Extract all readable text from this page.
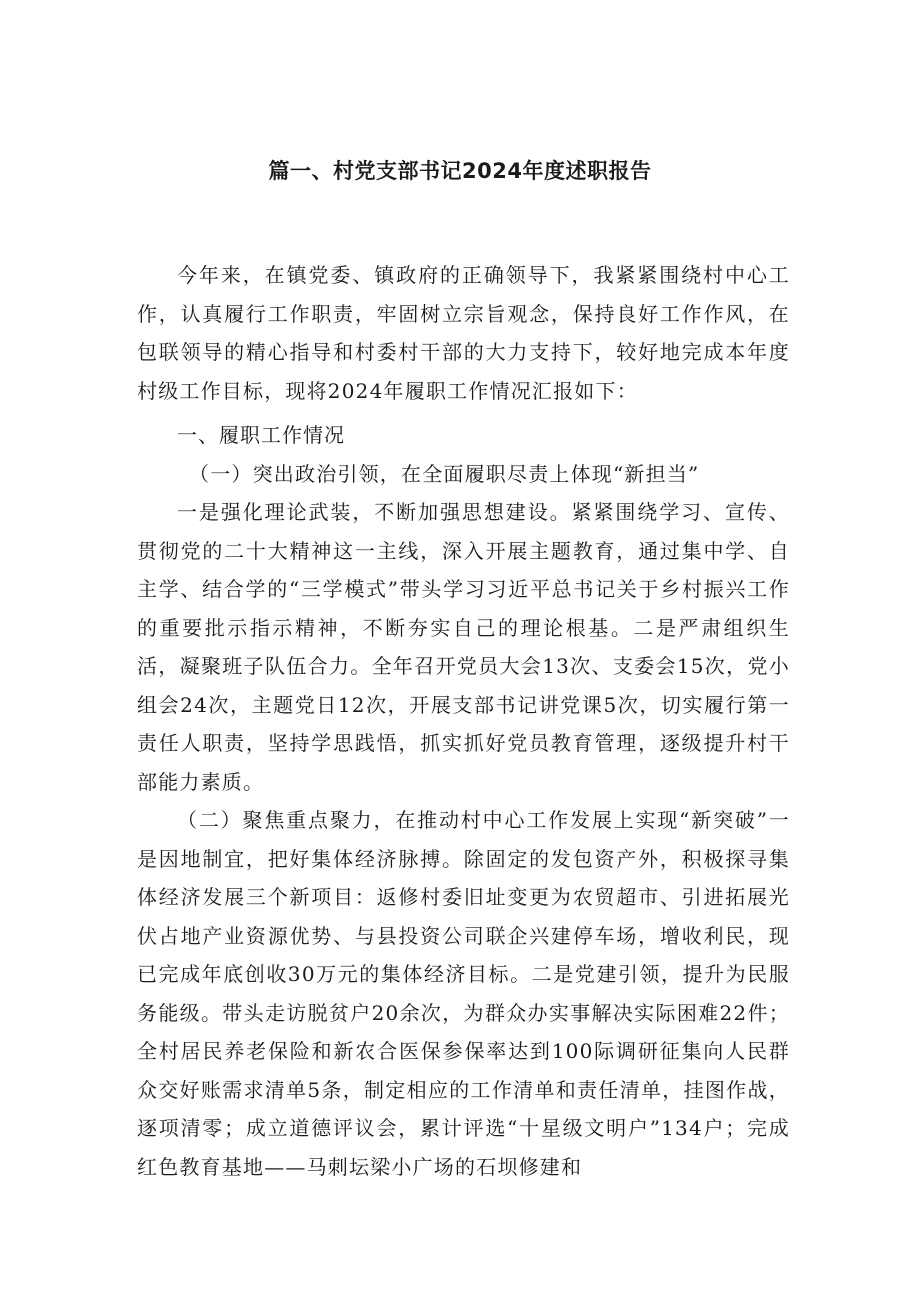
篇一、村党支部书记2024年度述职报告

今年来，在镇党委、镇政府的正确领导下，我紧紧围绕村中心工作，认真履行工作职责，牢固树立宗旨观念，保持良好工作作风，在包联领导的精心指导和村委村干部的大力支持下，较好地完成本年度村级工作目标，现将2024年履职工作情况汇报如下：

一、履职工作情况

（一）突出政治引领，在全面履职尽责上体现“新担当”

一是强化理论武装，不断加强思想建设。紧紧围绕学习、宣传、贯彻党的二十大精神这一主线，深入开展主题教育，通过集中学、自主学、结合学的“三学模式”带头学习习近平总书记关于乡村振兴工作的重要批示指示精神，不断夯实自己的理论根基。二是严肃组织生活，凝聚班子队伍合力。全年召开党员大会13次、支委会15次，党小组会24次，主题党日12次，开展支部书记讲党课5次，切实履行第一责任人职责，坚持学思践悟，抓实抓好党员教育管理，逐级提升村干部能力素质。

（二）聚焦重点聚力，在推动村中心工作发展上实现“新突破”一是因地制宜，把好集体经济脉搏。除固定的发包资产外，积极探寻集体经济发展三个新项目：返修村委旧址变更为农贸超市、引进拓展光伏占地产业资源优势、与县投资公司联企兴建停车场，增收利民，现已完成年底创收30万元的集体经济目标。二是党建引领，提升为民服务能级。带头走访脱贫户20余次，为群众办实事解决实际困难22件；全村居民养老保险和新农合医保参保率达到100际调研征集向人民群众交好账需求清单5条，制定相应的工作清单和责任清单，挂图作战，逐项清零；成立道德评议会，累计评选“十星级文明户”134户；完成红色教育基地——马刺坛梁小广场的石坝修建和
